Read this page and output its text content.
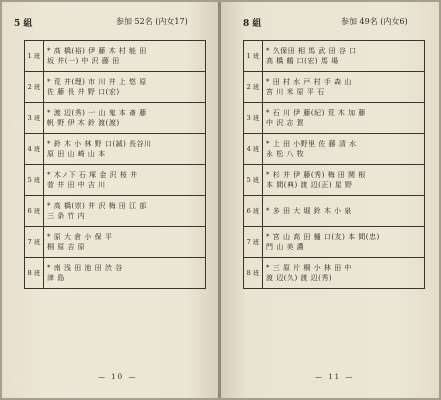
5 組	参加 52名 (内女17)
1 班	* 高 橋(裕) 伊 藤 木 村 能 田
坂 井(一) 中 沢 藤 田

2 班	* 荒 井(理) 市 川 井 上 悠 原
佐 藤 長 井 野 口(宏)

3 班	* 渡 辺(秀) 一 山 鬼 本 斎 藤
帆 野 伊 木 鈴 渡(渡)

4 班	* 鈴 木 小 林 野 口(誠) 長谷川
原 田 山 崎 山 本

5 班	* 木ノ下 石 塚 金 沢 桜 井
菅 井 田 中 吉 川

6 班	* 高 橋(崇) 井 沢 梅 田 江 部
三 条 竹 内

7 班	* 原 大 倉 小 保 平
桐 原 吉 原

8 班	* 南 浅 田 池 田 渋 谷
津 島
— 10 —
8 組	参加 49名 (内女6)
1 班	* 久保田 相 馬 武 田 谷 口
高 橋 鶴 口(宏) 馬 場

2 班	* 田 村 水 戸 村 手 森 山
宮 川 米 原 平 石

3 班	* 石 川 伊 藤(紀) 荒 木 加 藤
中 沢 志 賀

4 班	* 上 田 小野里 佐 藤 清 水
永 松 八 牧

5 班	* 杉 井 伊 藤(秀) 梅 田 関 根
本 間(典) 渡 辺(正) 星 野

6 班	* 多 田 大 堀 鈴 木 小 泉

7 班	* 宮 山 高 田 樋 口(友) 本 間(忠)
門 山 美 濃

8 班	* 三 原 片 桐 小 林 田 中
渡 辺(久) 渡 辺(秀)
— 11 —
